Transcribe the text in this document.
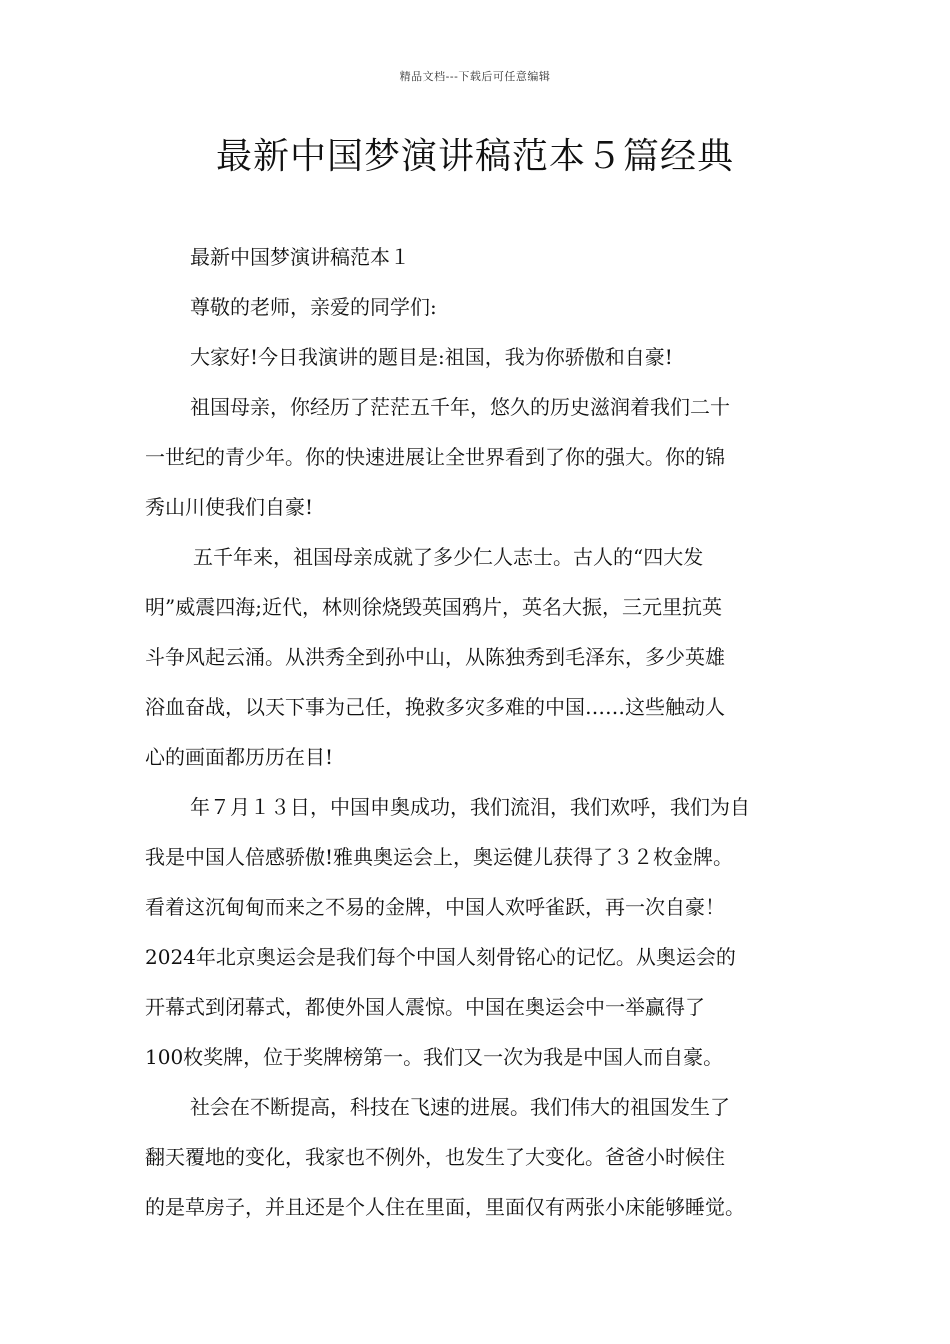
精品文档---下载后可任意编辑
最新中国梦演讲稿范本５篇经典
最新中国梦演讲稿范本１
尊敬的老师，亲爱的同学们:
大家好!今日我演讲的题目是:祖国，我为你骄傲和自豪!
祖国母亲，你经历了茫茫五千年，悠久的历史滋润着我们二十
一世纪的青少年。你的快速进展让全世界看到了你的强大。你的锦
秀山川使我们自豪!
五千年来，祖国母亲成就了多少仁人志士。古人的“四大发
明”威震四海;近代，林则徐烧毁英国鸦片，英名大振，三元里抗英
斗争风起云涌。从洪秀全到孙中山，从陈独秀到毛泽东，多少英雄
浴血奋战，以天下事为己任，挽救多灾多难的中国……这些触动人
心的画面都历历在目!
年７月１３日，中国申奥成功，我们流泪，我们欢呼，我们为自
我是中国人倍感骄傲!雅典奥运会上，奥运健儿获得了３２枚金牌。
看着这沉甸甸而来之不易的金牌，中国人欢呼雀跃，再一次自豪！
2024年北京奥运会是我们每个中国人刻骨铭心的记忆。从奥运会的
开幕式到闭幕式，都使外国人震惊。中国在奥运会中一举赢得了
100枚奖牌，位于奖牌榜第一。我们又一次为我是中国人而自豪。
社会在不断提高，科技在飞速的进展。我们伟大的祖国发生了
翻天覆地的变化，我家也不例外，也发生了大变化。爸爸小时候住
的是草房子，并且还是个人住在里面，里面仅有两张小床能够睡觉。
